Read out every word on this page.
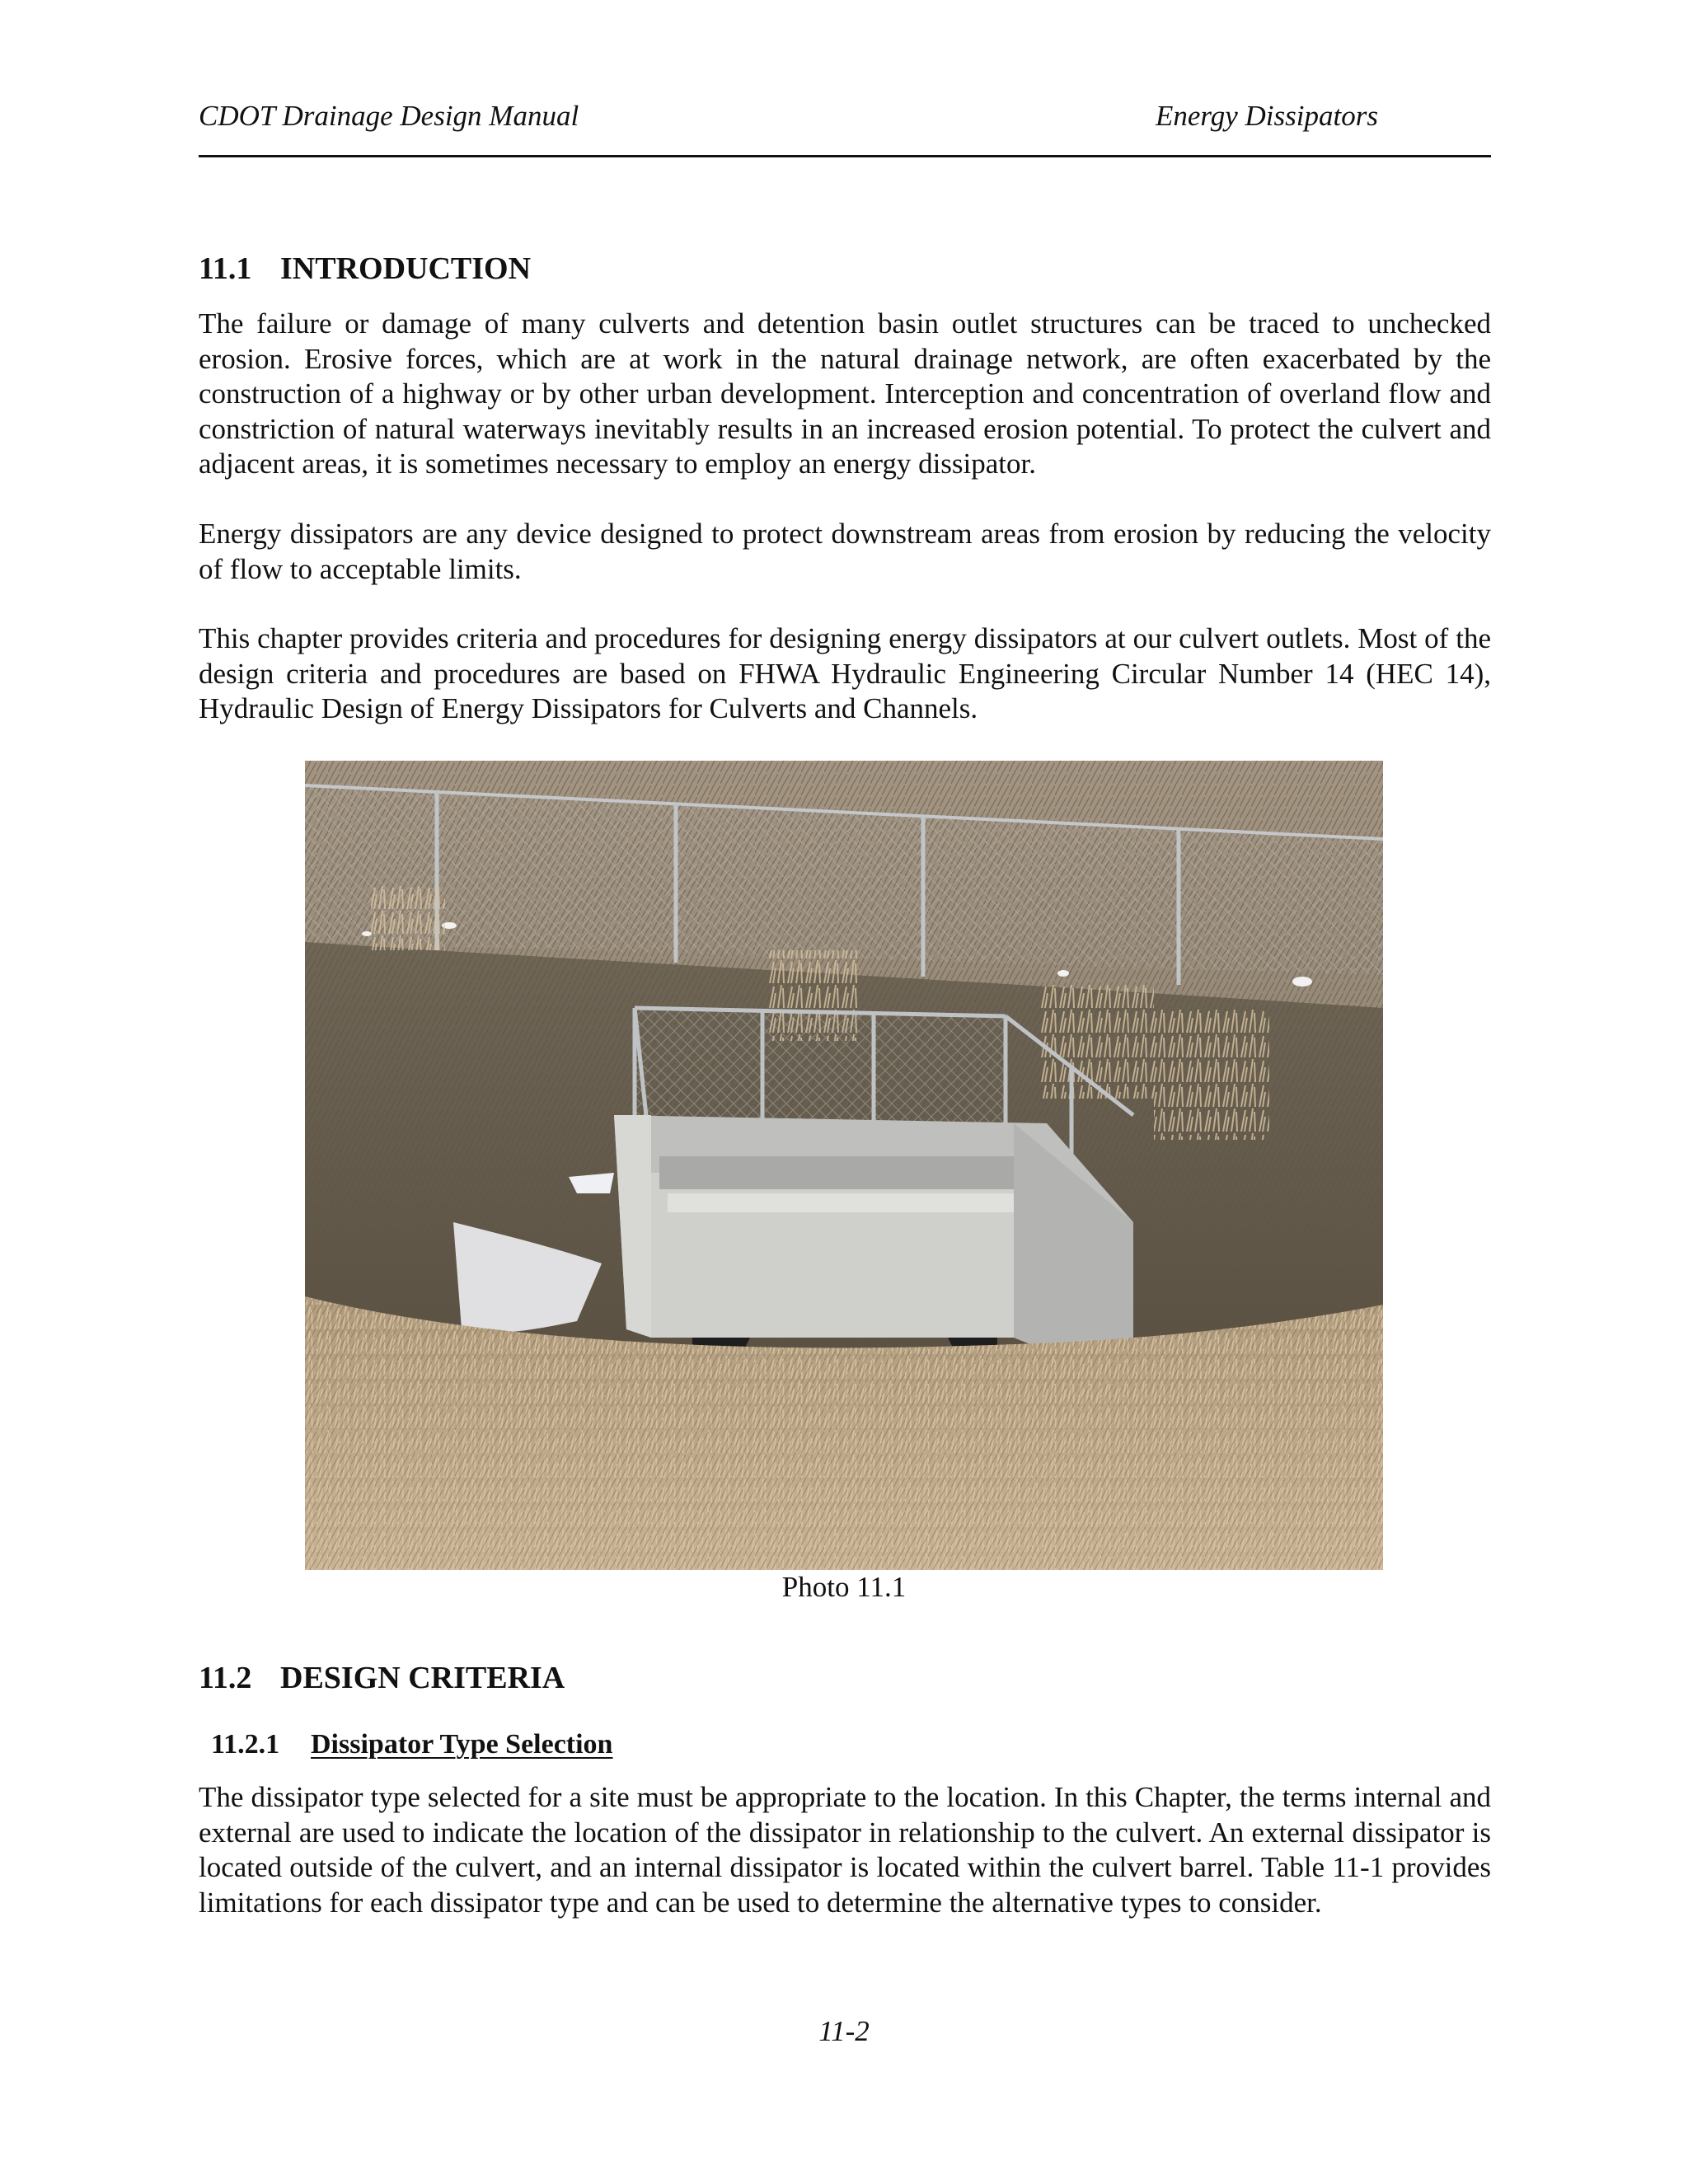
CDOT Drainage Design Manual	Energy Dissipators
11.1 INTRODUCTION

The failure or damage of many culverts and detention basin outlet structures can be traced to unchecked erosion. Erosive forces, which are at work in the natural drainage network, are often exacerbated by the construction of a highway or by other urban development. Interception and concentration of overland flow and constriction of natural waterways inevitably results in an increased erosion potential. To protect the culvert and adjacent areas, it is sometimes necessary to employ an energy dissipator.

Energy dissipators are any device designed to protect downstream areas from erosion by reducing the velocity of flow to acceptable limits.

This chapter provides criteria and procedures for designing energy dissipators at our culvert outlets. Most of the design criteria and procedures are based on FHWA Hydraulic Engineering Circular Number 14 (HEC 14), Hydraulic Design of Energy Dissipators for Culverts and Channels.

Photo 11.1
11.2 DESIGN CRITERIA
11.2.1 Dissipator Type Selection

The dissipator type selected for a site must be appropriate to the location. In this Chapter, the terms internal and external are used to indicate the location of the dissipator in relationship to the culvert. An external dissipator is located outside of the culvert, and an internal dissipator is located within the culvert barrel. Table 11-1 provides limitations for each dissipator type and can be used to determine the alternative types to consider.

11-2
